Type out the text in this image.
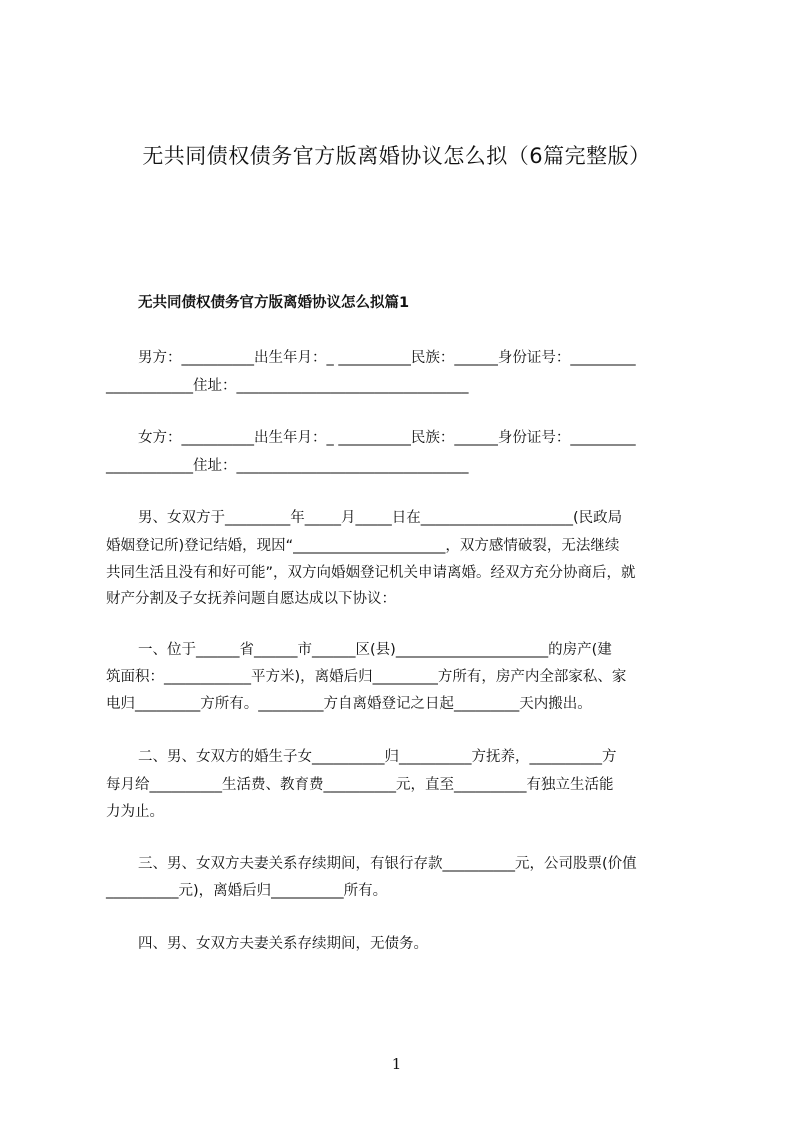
无共同债权债务官方版离婚协议怎么拟（6篇完整版）
无共同债权债务官方版离婚协议怎么拟篇1
男方：__________出生年月：_ __________民族：______身份证号：_________
____________住址：________________________________
女方：__________出生年月：_ __________民族：______身份证号：_________
____________住址：________________________________
男、女双方于_________年_____月_____日在_____________________(民政局
婚姻登记所)登记结婚，现因“_____________________，双方感情破裂，无法继续
共同生活且没有和好可能”，双方向婚姻登记机关申请离婚。经双方充分协商后，就
财产分割及子女抚养问题自愿达成以下协议：
一、位于______省______市______区(县)_____________________的房产(建
筑面积：____________平方米)，离婚后归_________方所有，房产内全部家私、家
电归_________方所有。_________方自离婚登记之日起_________天内搬出。
二、男、女双方的婚生子女__________归__________方抚养，__________方
每月给__________生活费、教育费__________元，直至__________有独立生活能
力为止。
三、男、女双方夫妻关系存续期间，有银行存款__________元，公司股票(价值
__________元)，离婚后归__________所有。
四、男、女双方夫妻关系存续期间，无债务。
1
